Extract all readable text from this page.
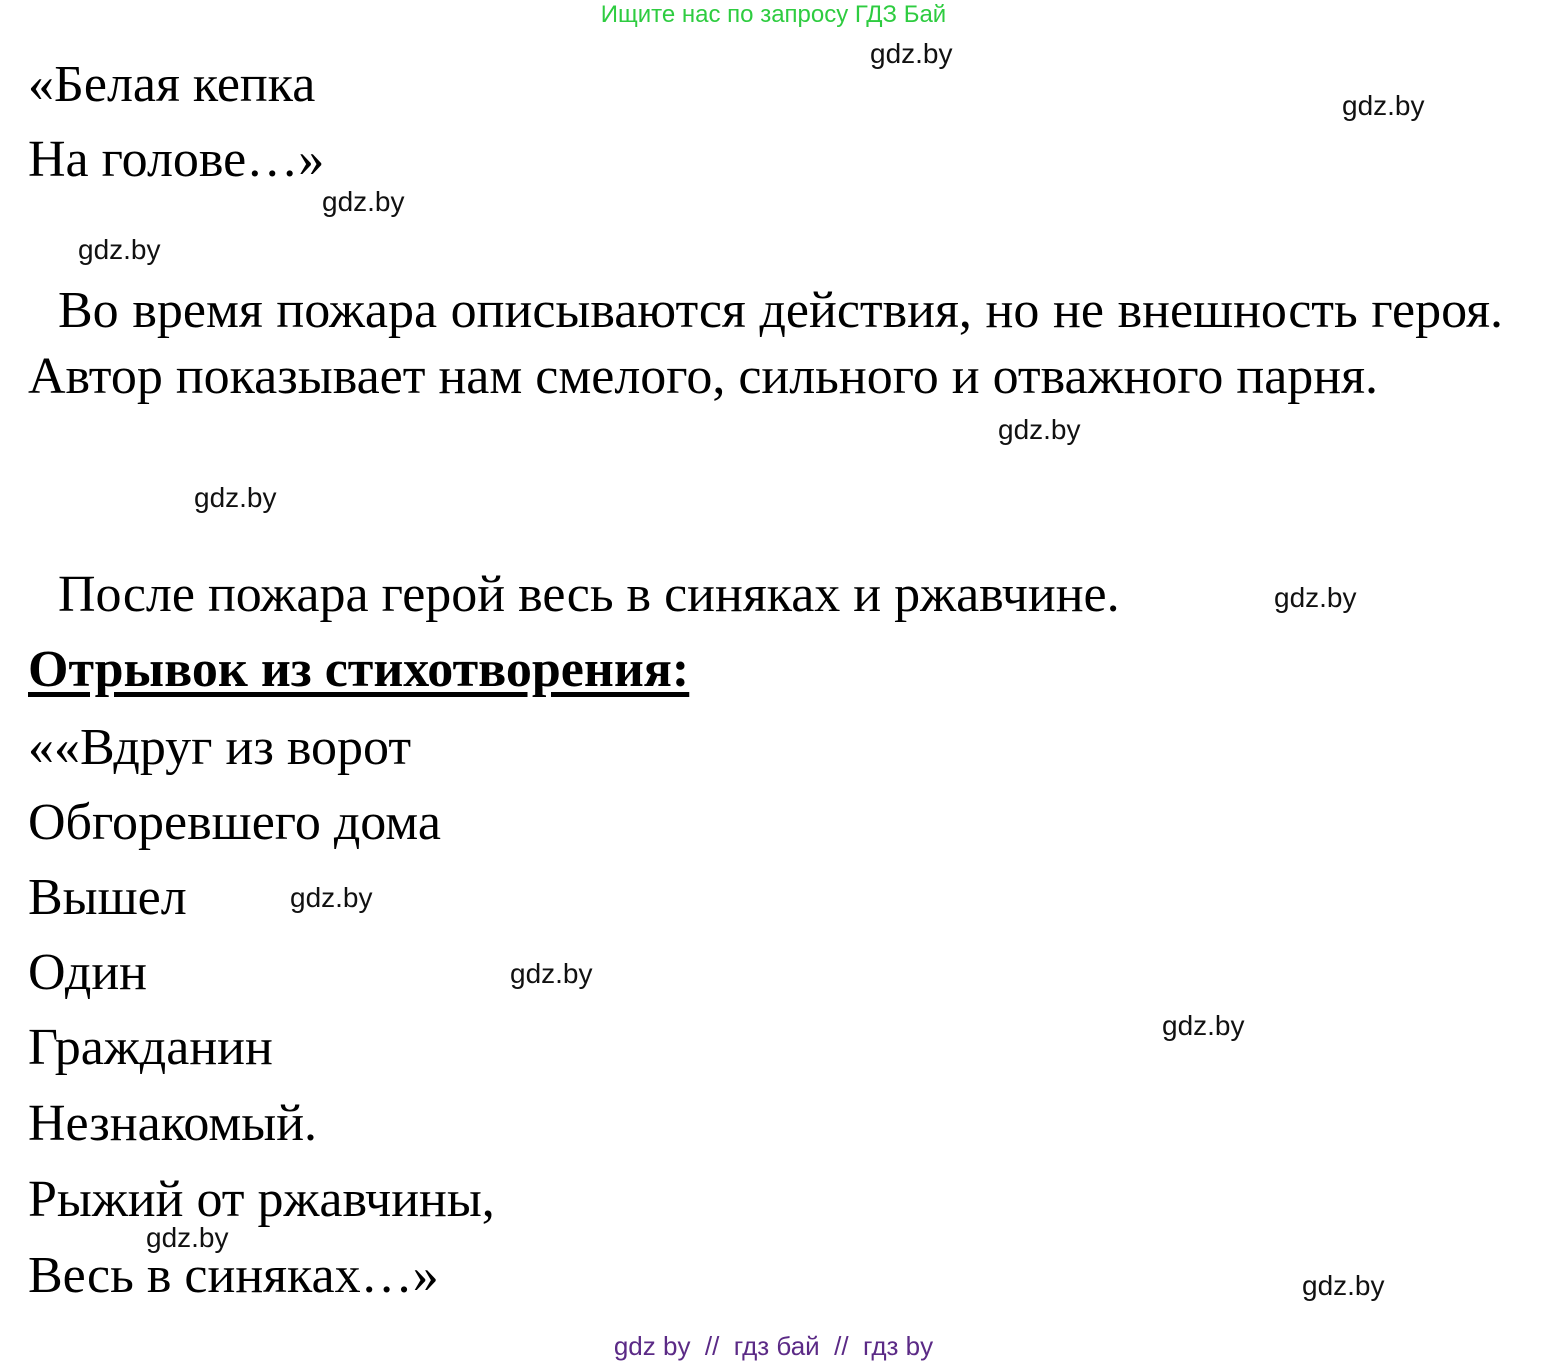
Ищите нас по запросу ГДЗ Бай
«Белая кепка
На голове…»
Во время пожара описываются действия, но не внешность героя. Автор показывает нам смелого, сильного и отважного парня.
После пожара герой весь в синяках и ржавчине.
Отрывок из стихотворения:
««Вдруг из ворот
Обгоревшего дома
Вышел
Один
Гражданин
Незнакомый.
Рыжий от ржавчины,
Весь в синяках…»
gdz.by
gdz.by
gdz.by
gdz.by
gdz.by
gdz.by
gdz.by
gdz.by
gdz.by
gdz.by
gdz.by
gdz.by
gdz by  //  гдз бай  //  гдз by
